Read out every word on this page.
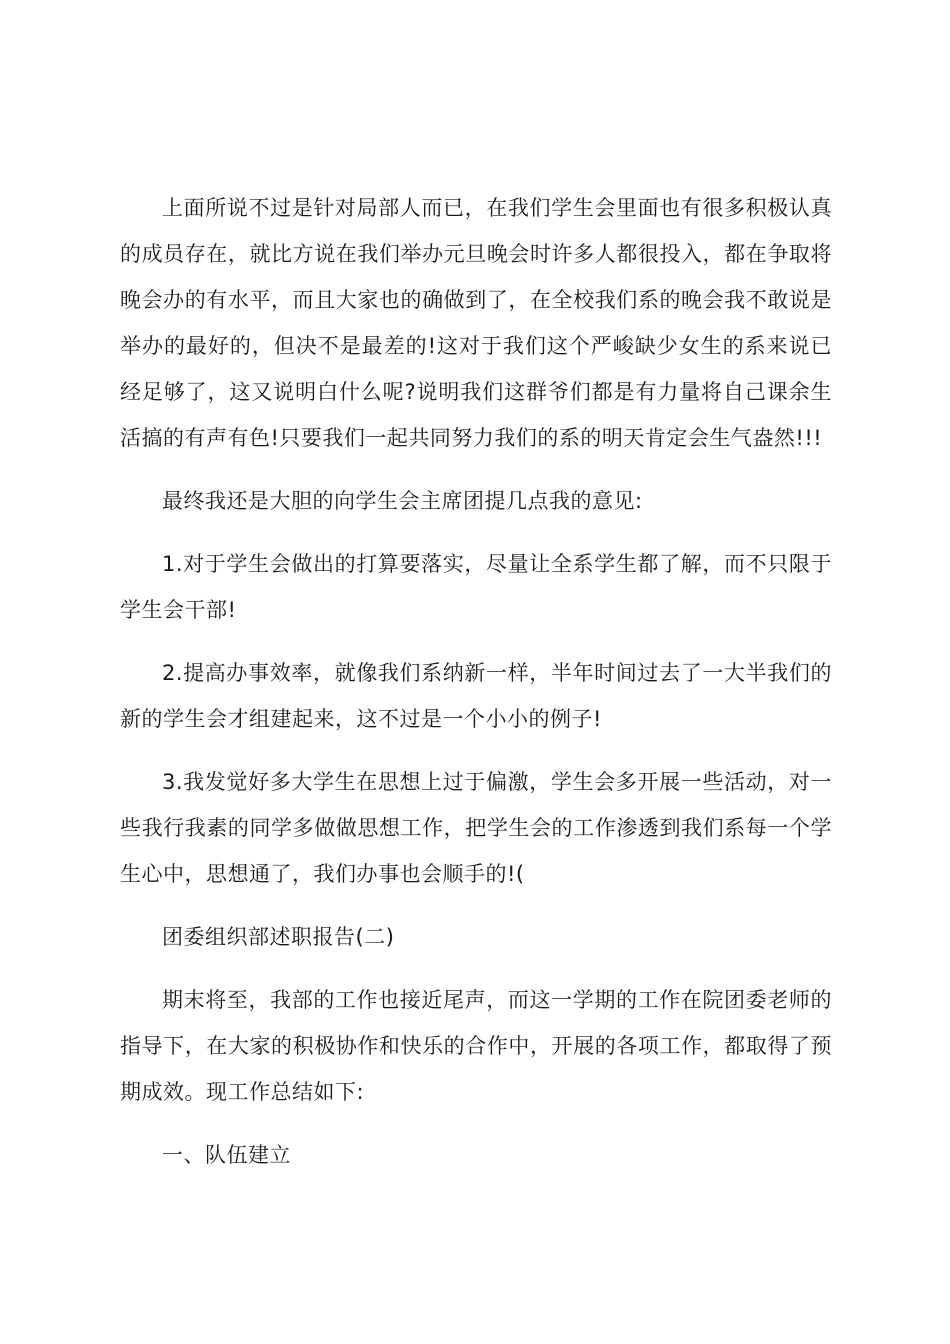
上面所说不过是针对局部人而已，在我们学生会里面也有很多积极认真的成员存在，就比方说在我们举办元旦晚会时许多人都很投入，都在争取将晚会办的有水平，而且大家也的确做到了，在全校我们系的晚会我不敢说是举办的最好的，但决不是最差的!这对于我们这个严峻缺少女生的系来说已经足够了，这又说明白什么呢?说明我们这群爷们都是有力量将自己课余生活搞的有声有色!只要我们一起共同努力我们的系的明天肯定会生气盎然!!!

最终我还是大胆的向学生会主席团提几点我的意见:

1.对于学生会做出的打算要落实，尽量让全系学生都了解，而不只限于学生会干部!

2.提高办事效率，就像我们系纳新一样，半年时间过去了一大半我们的新的学生会才组建起来，这不过是一个小小的例子!

3.我发觉好多大学生在思想上过于偏激，学生会多开展一些活动，对一些我行我素的同学多做做思想工作，把学生会的工作渗透到我们系每一个学生心中，思想通了，我们办事也会顺手的!(

团委组织部述职报告(二)

期末将至，我部的工作也接近尾声，而这一学期的工作在院团委老师的指导下，在大家的积极协作和快乐的合作中，开展的各项工作，都取得了预期成效。现工作总结如下:

一、队伍建立
